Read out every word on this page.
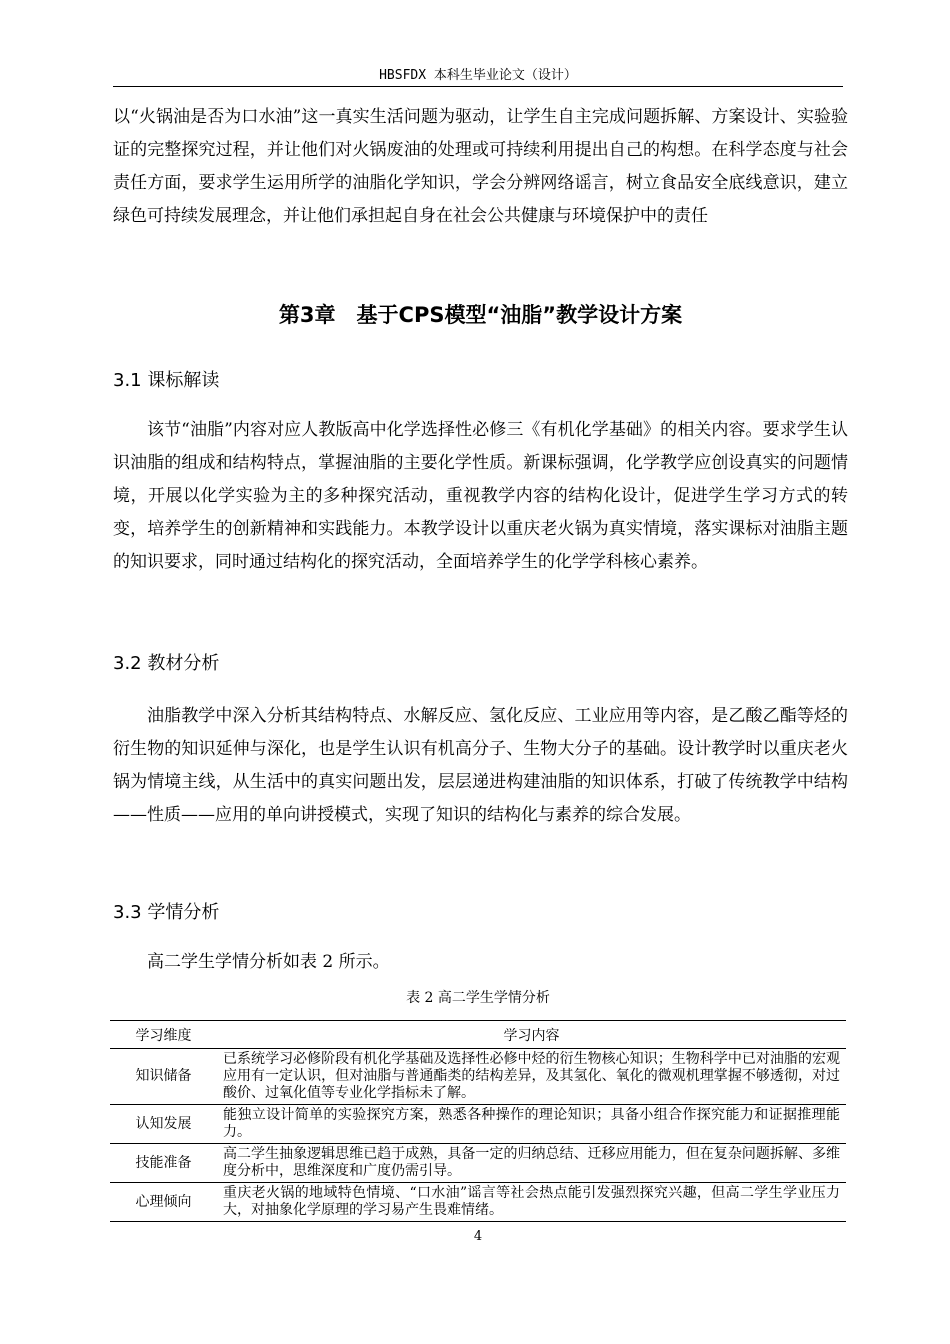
HBSFDX 本科生毕业论文（设计）

以“火锅油是否为口水油”这一真实生活问题为驱动，让学生自主完成问题拆解、方案设计、实验验证的完整探究过程，并让他们对火锅废油的处理或可持续利用提出自己的构想。在科学态度与社会责任方面，要求学生运用所学的油脂化学知识，学会分辨网络谣言，树立食品安全底线意识，建立绿色可持续发展理念，并让他们承担起自身在社会公共健康与环境保护中的责任

第3章　基于CPS模型“油脂”教学设计方案
3.1 课标解读

该节“油脂”内容对应人教版高中化学选择性必修三《有机化学基础》的相关内容。要求学生认识油脂的组成和结构特点，掌握油脂的主要化学性质。新课标强调，化学教学应创设真实的问题情境，开展以化学实验为主的多种探究活动，重视教学内容的结构化设计，促进学生学习方式的转变，培养学生的创新精神和实践能力。本教学设计以重庆老火锅为真实情境，落实课标对油脂主题的知识要求，同时通过结构化的探究活动，全面培养学生的化学学科核心素养。

3.2 教材分析

油脂教学中深入分析其结构特点、水解反应、氢化反应、工业应用等内容，是乙酸乙酯等烃的衍生物的知识延伸与深化，也是学生认识有机高分子、生物大分子的基础。设计教学时以重庆老火锅为情境主线，从生活中的真实问题出发，层层递进构建油脂的知识体系，打破了传统教学中结构——性质——应用的单向讲授模式，实现了知识的结构化与素养的综合发展。

3.3 学情分析

高二学生学情分析如表 2 所示。

表 2 高二学生学情分析
学习维度	学习内容
知识储备	已系统学习必修阶段有机化学基础及选择性必修中烃的衍生物核心知识；生物科学中已对油脂的宏观应用有一定认识，但对油脂与普通酯类的结构差异，及其氢化、氧化的微观机理掌握不够透彻，对过酸价、过氧化值等专业化学指标未了解。
认知发展	能独立设计简单的实验探究方案，熟悉各种操作的理论知识；具备小组合作探究能力和证据推理能力。
技能准备	高二学生抽象逻辑思维已趋于成熟，具备一定的归纳总结、迁移应用能力，但在复杂问题拆解、多维度分析中，思维深度和广度仍需引导。
心理倾向	重庆老火锅的地域特色情境、“口水油”谣言等社会热点能引发强烈探究兴趣，但高二学生学业压力大，对抽象化学原理的学习易产生畏难情绪。
4
